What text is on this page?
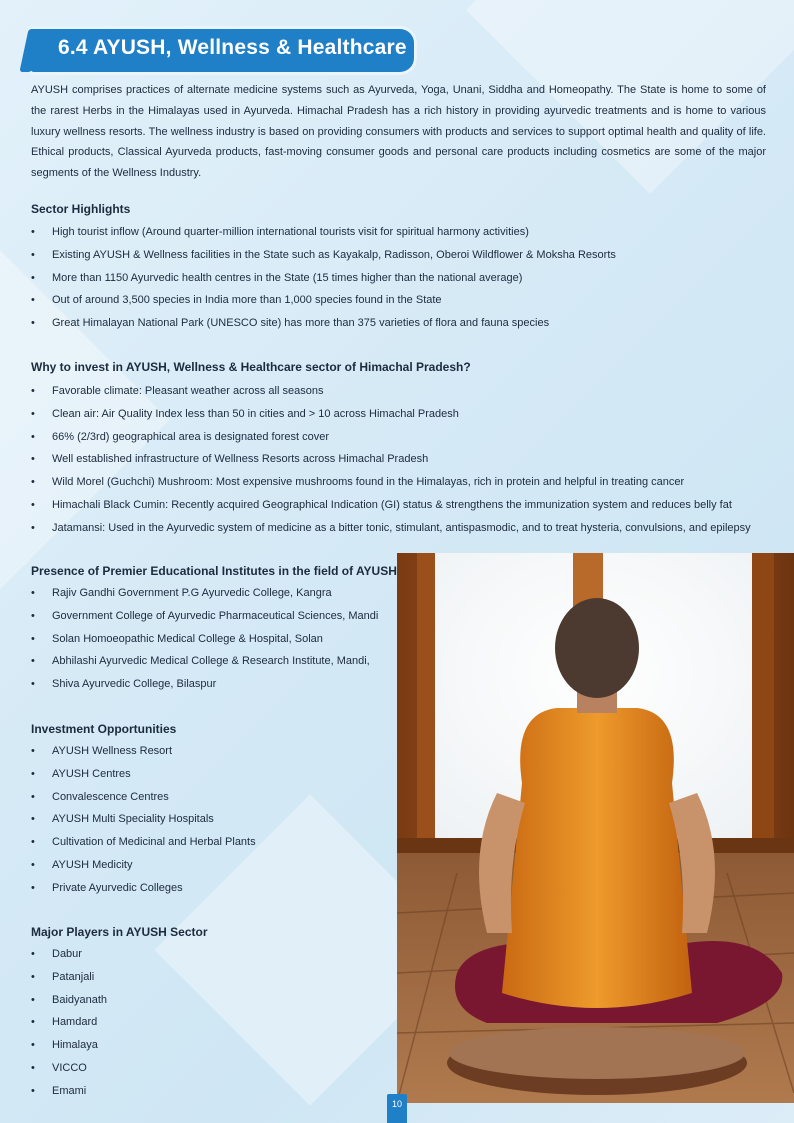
6.4 AYUSH, Wellness & Healthcare

AYUSH comprises practices of alternate medicine systems such as Ayurveda, Yoga, Unani, Siddha and Homeopathy. The State is home to some of the rarest Herbs in the Himalayas used in Ayurveda. Himachal Pradesh has a rich history in providing ayurvedic treatments and is home to various luxury wellness resorts. The wellness industry is based on providing consumers with products and services to support optimal health and quality of life. Ethical products, Classical Ayurveda products, fast-moving consumer goods and personal care products including cosmetics are some of the major segments of the Wellness Industry.

Sector Highlights
• High tourist inflow (Around quarter-million international tourists visit for spiritual harmony activities)
• Existing AYUSH & Wellness facilities in the State such as Kayakalp, Radisson, Oberoi Wildflower & Moksha Resorts
• More than 1150 Ayurvedic health centres in the State (15 times higher than the national average)
• Out of around 3,500 species in India more than 1,000 species found in the State
• Great Himalayan National Park (UNESCO site) has more than 375 varieties of flora and fauna species
Why to invest in AYUSH, Wellness & Healthcare sector of Himachal Pradesh?
• Favorable climate: Pleasant weather across all seasons
• Clean air: Air Quality Index less than 50 in cities and > 10 across Himachal Pradesh
• 66% (2/3rd) geographical area is designated forest cover
• Well established infrastructure of Wellness Resorts across Himachal Pradesh
• Wild Morel (Guchchi) Mushroom: Most expensive mushrooms found in the Himalayas, rich in protein and helpful in treating cancer
• Himachali Black Cumin: Recently acquired Geographical Indication (GI) status & strengthens the immunization system and reduces belly fat
• Jatamansi: Used in the Ayurvedic system of medicine as a bitter tonic, stimulant, antispasmodic, and to treat hysteria, convulsions, and epilepsy
Presence of Premier Educational Institutes in the field of AYUSH
• Rajiv Gandhi Government P.G Ayurvedic College, Kangra
• Government College of Ayurvedic Pharmaceutical Sciences, Mandi
• Solan Homoeopathic Medical College & Hospital, Solan
• Abhilashi Ayurvedic Medical College & Research Institute, Mandi,
• Shiva Ayurvedic College, Bilaspur
Investment Opportunities
• AYUSH Wellness Resort
• AYUSH Centres
• Convalescence Centres
• AYUSH Multi Speciality Hospitals
• Cultivation of Medicinal and Herbal Plants
• AYUSH Medicity
• Private Ayurvedic Colleges
Major Players in AYUSH Sector
• Dabur
• Patanjali
• Baidyanath
• Hamdard
• Himalaya
• VICCO
• Emami
10
